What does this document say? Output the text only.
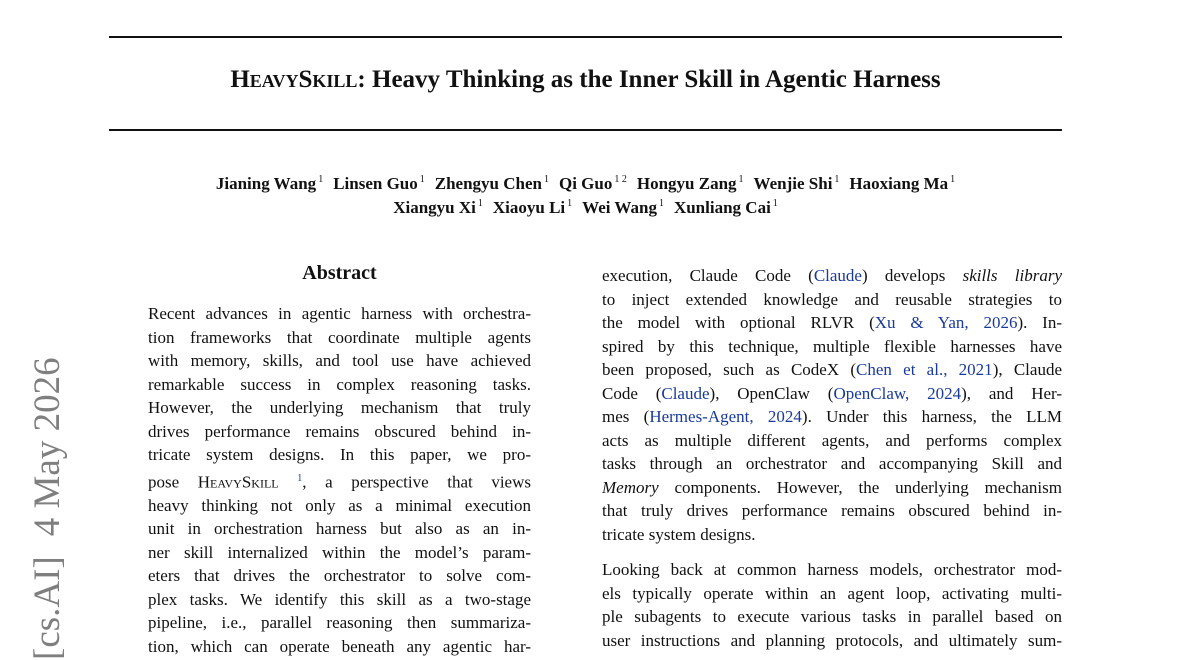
HeavySkill: Heavy Thinking as the Inner Skill in Agentic Harness
Jianing Wang $^1$ Linsen Guo $^1$ Zhengyu Chen $^1$ Qi Guo $^{1 2}$ Hongyu Zang $^1$ Wenjie Shi $^1$ Haoxiang Ma $^1$
Xiangyu Xi $^1$ Xiaoyu Li $^1$ Wei Wang $^1$ Xunliang Cai $^1$
[cs.AI]4 May 2026
Abstract
Recent advances in agentic harness with orchestra-
tion frameworks that coordinate multiple agents
with memory, skills, and tool use have achieved
remarkable success in complex reasoning tasks.
However, the underlying mechanism that truly
drives performance remains obscured behind in-
tricate system designs. In this paper, we pro-
pose HeavySkill $^1$, a perspective that views
heavy thinking not only as a minimal execution
unit in orchestration harness but also as an in-
ner skill internalized within the model’s param-
eters that drives the orchestrator to solve com-
plex tasks. We identify this skill as a two-stage
pipeline, i.e., parallel reasoning then summariza-
tion, which can operate beneath any agentic har-
execution, Claude Code (Claude) develops skills library
to inject extended knowledge and reusable strategies to
the model with optional RLVR (Xu & Yan, 2026). In-
spired by this technique, multiple flexible harnesses have
been proposed, such as CodeX (Chen et al., 2021), Claude
Code (Claude), OpenClaw (OpenClaw, 2024), and Her-
mes (Hermes-Agent, 2024). Under this harness, the LLM
acts as multiple different agents, and performs complex
tasks through an orchestrator and accompanying Skill and
Memory components. However, the underlying mechanism
that truly drives performance remains obscured behind in-
tricate system designs.
Looking back at common harness models, orchestrator mod-
els typically operate within an agent loop, activating multi-
ple subagents to execute various tasks in parallel based on
user instructions and planning protocols, and ultimately sum-
